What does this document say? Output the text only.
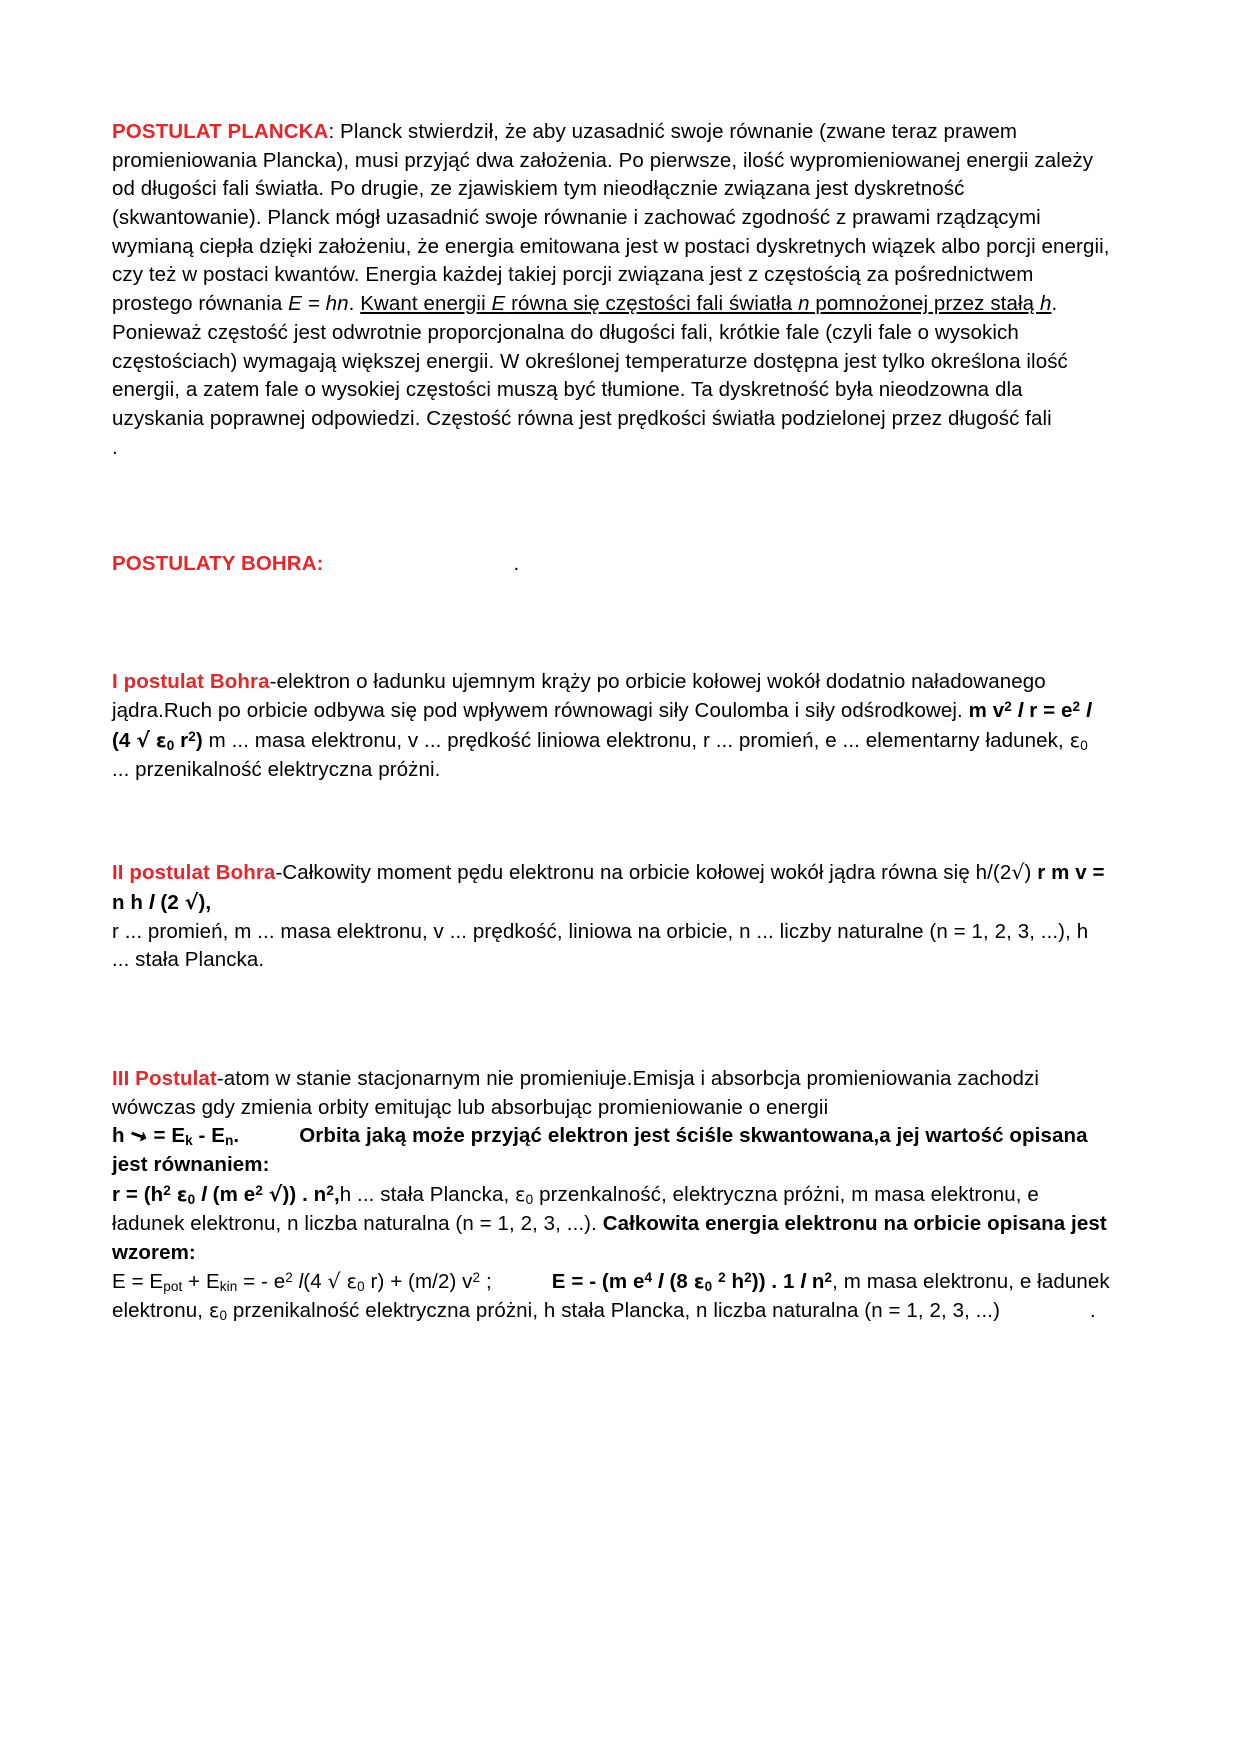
POSTULAT PLANCKA: Planck stwierdził, że aby uzasadnić swoje równanie (zwane teraz prawem promieniowania Plancka), musi przyjąć dwa założenia. Po pierwsze, ilość wypromieniowanej energii zależy od długości fali światła. Po drugie, ze zjawiskiem tym nieodłącznie związana jest dyskretność (skwantowanie). Planck mógł uzasadnić swoje równanie i zachować zgodność z prawami rządzącymi wymianą ciepła dzięki założeniu, że energia emitowana jest w postaci dyskretnych wiązek albo porcji energii, czy też w postaci kwantów. Energia każdej takiej porcji związana jest z częstością za pośrednictwem prostego równania E = hn. Kwant energii E równa się częstości fali światła n pomnożonej przez stałą h. Ponieważ częstość jest odwrotnie proporcjonalna do długości fali, krótkie fale (czyli fale o wysokich częstościach) wymagają większej energii. W określonej temperaturze dostępna jest tylko określona ilość energii, a zatem fale o wysokiej częstości muszą być tłumione. Ta dyskretność była nieodzowna dla uzyskania poprawnej odpowiedzi. Częstość równa jest prędkości światła podzielonej przez długość fali

.

POSTULATY BOHRA:	.

I postulat Bohra-elektron o ładunku ujemnym krąży po orbicie kołowej wokół dodatnio naładowanego jądra.Ruch po orbicie odbywa się pod wpływem równowagi siły Coulomba i siły odśrodkowej. m $v^2$ l $r = e^2$ l (4 √ $\varepsilon_0$ $r^2$) m ... masa elektronu, v ... prędkość liniowa elektronu, r ... promień, e ... elementarny ładunek, $\varepsilon_0$ ... przenikalność elektryczna próżni.

II postulat Bohra-Całkowity moment pędu elektronu na orbicie kołowej wokół jądra równa się h/(2√) r m v = n h l (2 √),

r ... promień, m ... masa elektronu, v ... prędkość, liniowa na orbicie, n ... liczby naturalne (n = 1, 2, 3, ...), h ... stała Plancka.

III Postulat-atom w stanie stacjonarnym nie promieniuje.Emisja i absorbcja promieniowania zachodzi wówczas gdy zmienia orbity emitując lub absorbując promieniowanie o energii

h ➞ = $E_k - E_n$.	Orbita jaką może przyjąć elektron jest ściśle skwantowana,a jej wartość opisana jest równaniem:

$r = (h^2$ $\varepsilon_0$ l (m $e^2$ √)) . $n^2,h$ ... stała Plancka, $\varepsilon_0$ przenkalność, elektryczna próżni, m masa elektronu, e ładunek elektronu, n liczba naturalna (n = 1, 2, 3, ...). Całkowita energia elektronu na orbicie opisana jest wzorem:

$E = E_{pot} + E_{kin}$ = - $e^2$ l(4 √ $\varepsilon_0$ r) + (m/2) $v^2$ ;	E = - (m $e^4$ l (8 $\varepsilon_0$ $^2$ $h^2$)) . 1 l $n^2$, m masa elektronu, e ładunek elektronu, $\varepsilon_0$ przenikalność elektryczna próżni, h stała Plancka, n liczba naturalna (n = 1, 2, 3, ...)	.
